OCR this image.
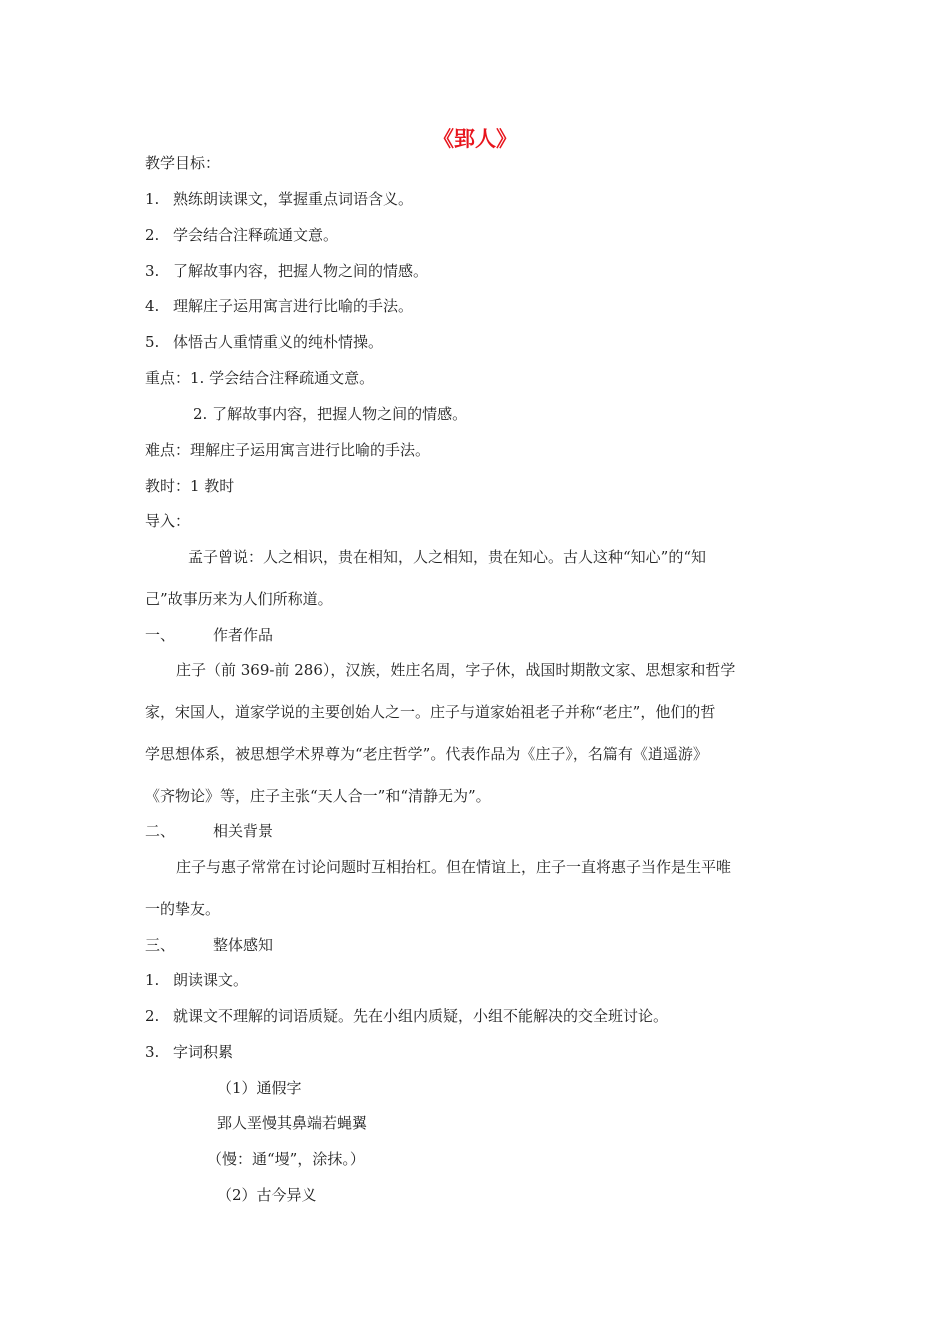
《郢人》
教学目标：
1. 熟练朗读课文，掌握重点词语含义。
2. 学会结合注释疏通文意。
3. 了解故事内容，把握人物之间的情感。
4. 理解庄子运用寓言进行比喻的手法。
5. 体悟古人重情重义的纯朴情操。
重点：1. 学会结合注释疏通文意。
2. 了解故事内容，把握人物之间的情感。
难点：理解庄子运用寓言进行比喻的手法。
教时：1 教时
导入：
孟子曾说：人之相识，贵在相知，人之相知，贵在知心。古人这种“知心”的“知
己”故事历来为人们所称道。
一、	作者作品
庄子（前 369-前 286），汉族，姓庄名周，字子休，战国时期散文家、思想家和哲学
家，宋国人，道家学说的主要创始人之一。庄子与道家始祖老子并称“老庄”，他们的哲
学思想体系，被思想学术界尊为“老庄哲学”。代表作品为《庄子》，名篇有《逍遥游》
《齐物论》等，庄子主张“天人合一”和“清静无为”。
二、	相关背景
庄子与惠子常常在讨论问题时互相抬杠。但在情谊上，庄子一直将惠子当作是生平唯
一的挚友。
三、	整体感知
1. 朗读课文。
2. 就课文不理解的词语质疑。先在小组内质疑，小组不能解决的交全班讨论。
3. 字词积累
（1）通假字
郢人垩慢其鼻端若蝇翼
（慢：通“墁”，涂抹。）
（2）古今异义
